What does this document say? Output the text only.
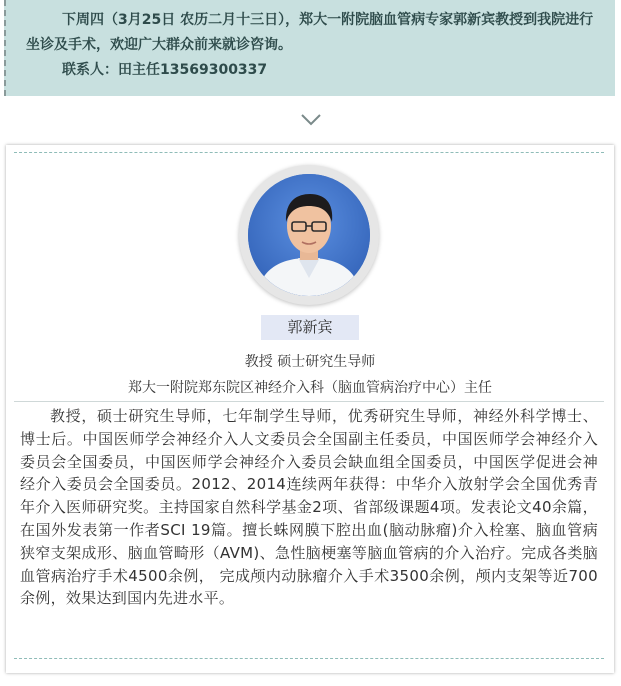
下周四（3月25日 农历二月十三日），郑大一附院脑血管病专家郭新宾教授到我院进行坐诊及手术，欢迎广大群众前来就诊咨询。
联系人：田主任13569300337
郭新宾
教授 硕士研究生导师
郑大一附院郑东院区神经介入科（脑血管病治疗中心）主任
教授，硕士研究生导师，七年制学生导师，优秀研究生导师，神经外科学博士、博士后。中国医师学会神经介入人文委员会全国副主任委员，中国医师学会神经介入委员会全国委员，中国医师学会神经介入委员会缺血组全国委员，中国医学促进会神经介入委员会全国委员。2012、2014连续两年获得：中华介入放射学会全国优秀青年介入医师研究奖。主持国家自然科学基金2项、省部级课题4项。发表论文40余篇，在国外发表第一作者SCI 19篇。擅长蛛网膜下腔出血(脑动脉瘤)介入栓塞、脑血管病狭窄支架成形、脑血管畸形（AVM)、急性脑梗塞等脑血管病的介入治疗。完成各类脑血管病治疗手术4500余例， 完成颅内动脉瘤介入手术3500余例，颅内支架等近700余例，效果达到国内先进水平。
